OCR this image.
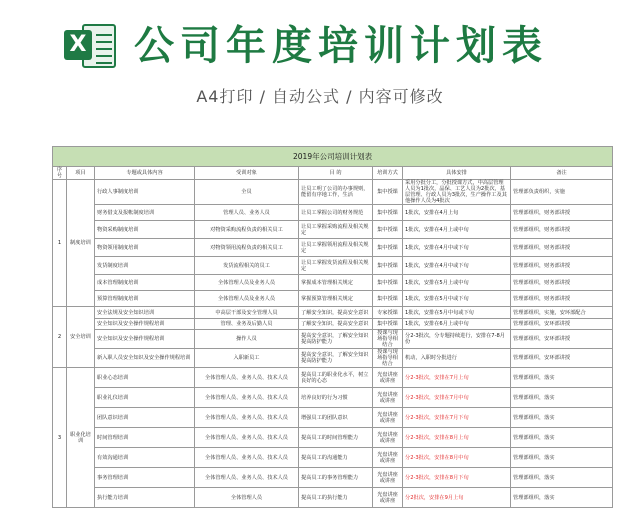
X 公司年度培训计划表
A4打印 / 自动公式 / 内容可修改
2019年公司培训计划表							
序号	项目	专题或具体内容	受训对象	目 的	培训方式	具体安排	备注
1	制度培训	行政人事制度培训	全员	让员工明了公司的办事规则，能留有序地工作，生活	集中授课	采用分批分工，分批授课方式，中高层管理人员为1批次，晶保、工艺人员为2批次，基层管理、行政人员为3批次，生产操作工及其他操作人员为4批次	管理部负责组织，实施
		财务借支及报帐制度培训	管理人员、业务人员	让员工掌握公司的财务规范	集中授课	1批次，安排在4月上旬	管理部组织，财务部讲授
		物资采购制度培训	对物资采购流程负责的相关员工	让员工掌握采购流程及相关规定	集中授课	1批次，安排在4月上或中旬	管理部组织，财务部讲授
		物资领用制度培训	对物资领用流程负责的相关员工	让员工掌握领用流程及相关规定	集中授课	1批次，安排在4月中或下旬	管理部组织，财务部讲授
		发货制度培训	发货流程相关的员工	让员工掌握发货流程及相关规定	集中授课	1批次，安排在4月中或下旬	管理部组织，财务部讲授
		成本管理制度培训	全体管理人员及业务人员	掌握成本管理相关规定	集中授课	1批次，安排在5月上或中旬	管理部组织，财务部讲授
		预算管理制度培训	全体管理人员及业务人员	掌握预算管理相关规定	集中授课	1批次，安排在5月中或下旬	管理部组织，财务部讲授
2	安全培训	安全法规及安全知识培训	中高层干部及安全管理人员	了解安全知识，提高安全意识	专家授课	1批次，安排在5月中旬或下旬	管理部组织，实施，安环部配合
		安全知识及安全操作规程培训	管理、业务及后勤人员	了解安全知识，提高安全意识	集中授课	1批次，安排在6月上或中旬	管理部组织，安环部讲授
		安全知识及安全操作规程培训	操作人员	提高安全意识，了解安全知识提高防护能力	授课与现场指导相结合	分2-3批次，分专题持续进行，安排在7-8月份	管理部组织，安环部讲授
		新入职人员安全知识及安全操作规程培训	入职新员工	提高安全意识，了解安全知识提高防护能力	授课与现场指导相结合	机动，入职时分批进行	管理部组织，安环部讲授
3	职业化培训	职业心态培训	全体管理人员、业务人员、技术人员	提高员工的职业化水平，树立良好的心态	光盘讲座或讲座	分2-3批次，安排在7月上旬	管理部组织，落实
		职业礼仪培训	全体管理人员、业务人员、技术人员	培养良好的行为习惯	光盘讲座或讲座	分2-3批次，安排在7月中旬	管理部组织，落实
		团队意识培训	全体管理人员、业务人员、技术人员	增强员工的团队意识	光盘讲座或讲座	分2-3批次，安排在7月下旬	管理部组织，落实
		时间管理培训	全体管理人员、业务人员、技术人员	提高员工的时间管理能力	光盘讲座或讲座	分2-3批次，安排在8月上旬	管理部组织，落实
		有效沟通培训	全体管理人员、业务人员、技术人员	提高员工的沟通能力	光盘讲座或讲座	分2-3批次，安排在8月中旬	管理部组织，落实
		事务管理培训	全体管理人员、业务人员、技术人员	提高员工的事务管理能力	光盘讲座或讲座	分2-3批次，安排在8月下旬	管理部组织，落实
		执行能力培训	全体管理人员	提高员工的执行能力	光盘讲座或讲座	分2批次，安排在9月上旬	管理部组织，落实
